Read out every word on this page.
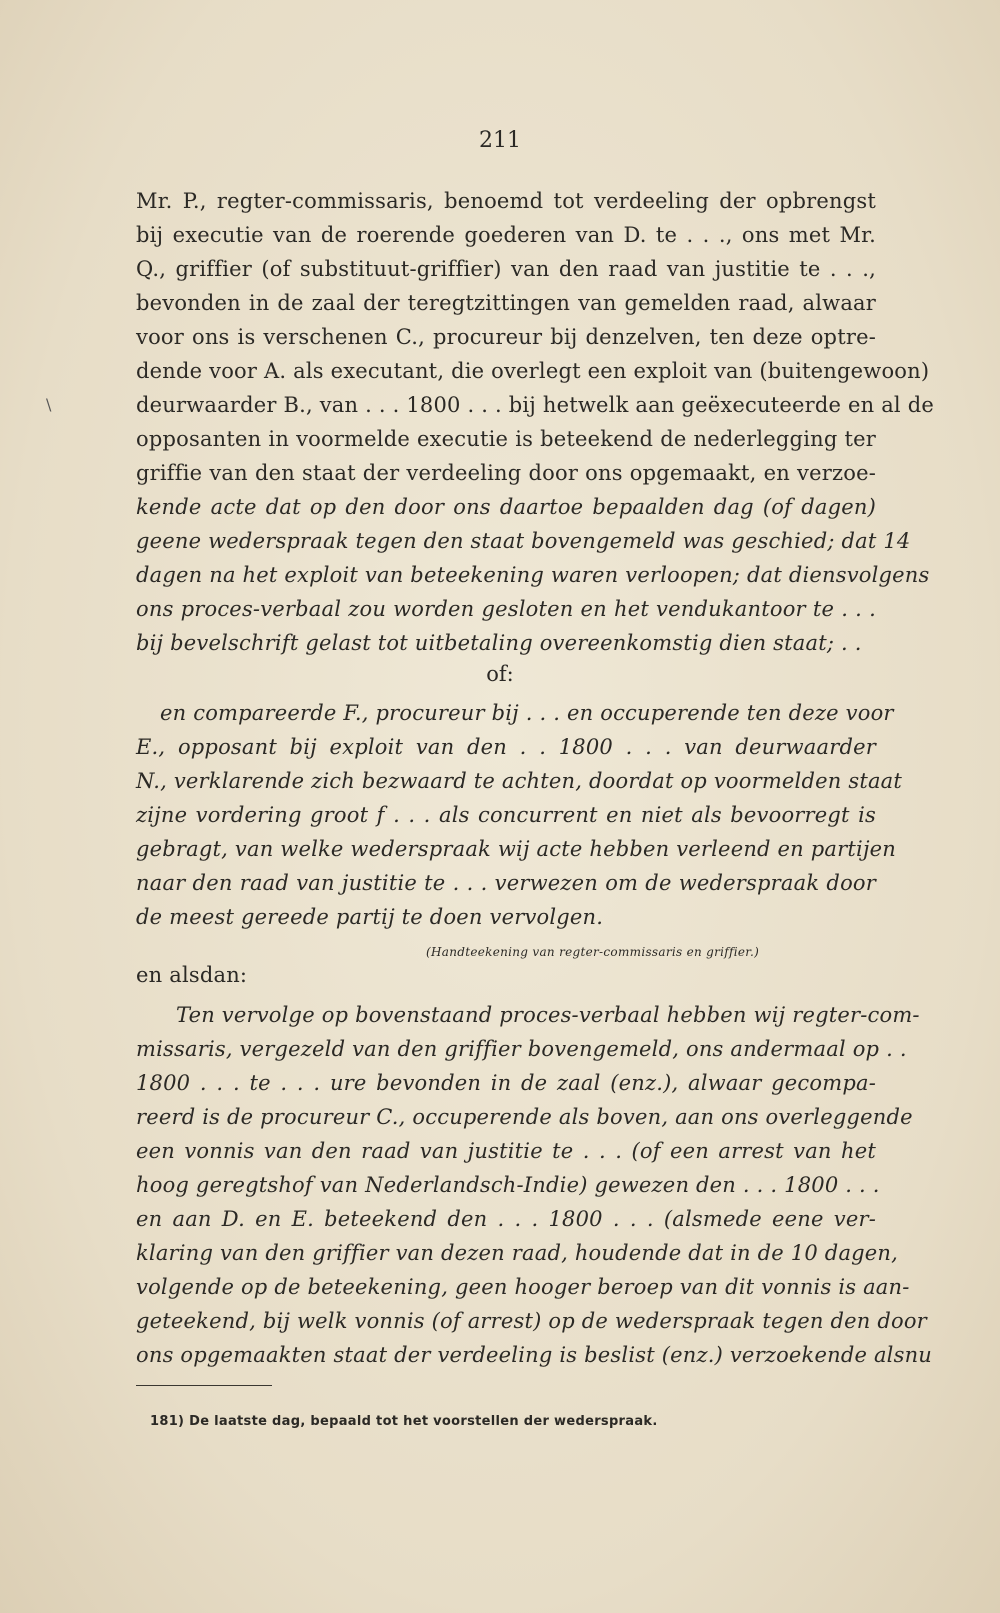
211
\
Mr. P., regter-commissaris, benoemd tot verdeeling der opbrengst
bij executie van de roerende goederen van D. te . . ., ons met Mr.
Q., griffier (of substituut-griffier) van den raad van justitie te . . .,
bevonden in de zaal der teregtzittingen van gemelden raad, alwaar
voor ons is verschenen C., procureur bij denzelven, ten deze optre-
dende voor A. als executant, die overlegt een exploit van (buitengewoon)
deurwaarder B., van . . . 1800 . . . bij hetwelk aan geëxecuteerde en al de
opposanten in voormelde executie is beteekend de nederlegging ter
griffie van den staat der verdeeling door ons opgemaakt, en verzoe-
kende acte dat op den door ons daartoe bepaalden dag (of dagen)
geene wederspraak tegen den staat bovengemeld was geschied; dat 14
dagen na het exploit van beteekening waren verloopen; dat diensvolgens
ons proces-verbaal zou worden gesloten en het vendukantoor te . . .
bij bevelschrift gelast tot uitbetaling overeenkomstig dien staat; . .
of:
en compareerde F., procureur bij . . . en occuperende ten deze voor
E., opposant bij exploit van den . . 1800 . . . van deurwaarder
N., verklarende zich bezwaard te achten, doordat op voormelden staat
zijne vordering groot f . . . als concurrent en niet als bevoorregt is
gebragt, van welke wederspraak wij acte hebben verleend en partijen
naar den raad van justitie te . . . verwezen om de wederspraak door
de meest gereede partij te doen vervolgen.
(Handteekening van regter-commissaris en griffier.)
en alsdan:
Ten vervolge op bovenstaand proces-verbaal hebben wij regter-com-
missaris, vergezeld van den griffier bovengemeld, ons andermaal op . .
1800 . . . te . . . ure bevonden in de zaal (enz.), alwaar gecompa-
reerd is de procureur C., occuperende als boven, aan ons overleggende
een vonnis van den raad van justitie te . . . (of een arrest van het
hoog geregtshof van Nederlandsch-Indie) gewezen den . . . 1800 . . .
en aan D. en E. beteekend den . . . 1800 . . . (alsmede eene ver-
klaring van den griffier van dezen raad, houdende dat in de 10 dagen,
volgende op de beteekening, geen hooger beroep van dit vonnis is aan-
geteekend, bij welk vonnis (of arrest) op de wederspraak tegen den door
ons opgemaakten staat der verdeeling is beslist (enz.) verzoekende alsnu
181) De laatste dag, bepaald tot het voorstellen der wederspraak.
